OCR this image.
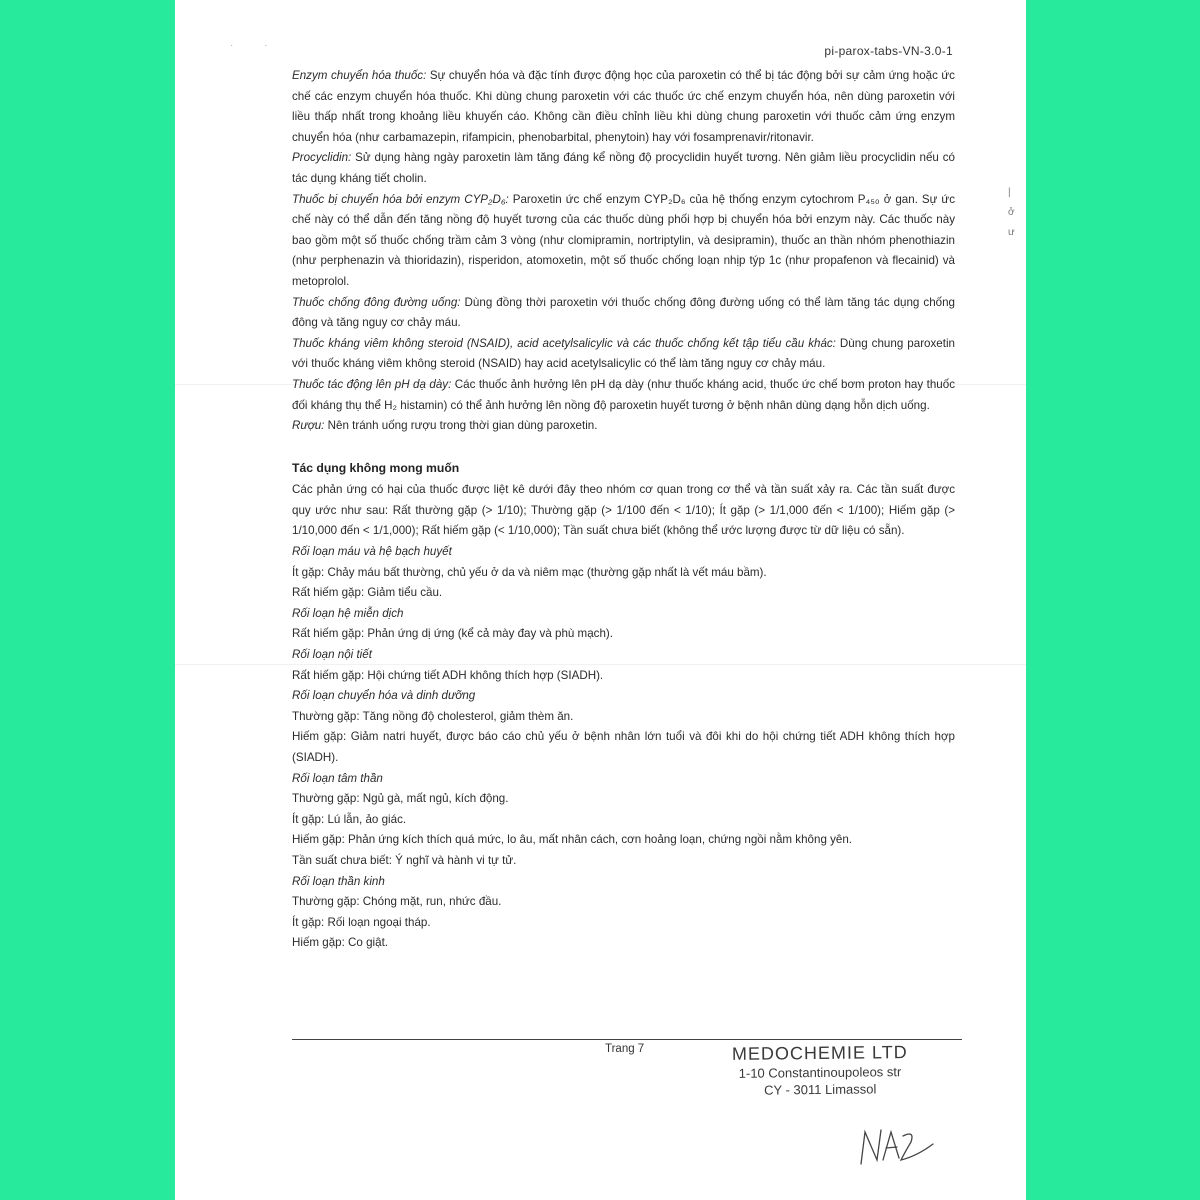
· ·	pi-parox-tabs-VN-3.0-1
|
ở
ư

Enzym chuyển hóa thuốc: Sự chuyển hóa và đặc tính được động học của paroxetin có thể bị tác động bởi sự cảm ứng hoặc ức chế các enzym chuyển hóa thuốc. Khi dùng chung paroxetin với các thuốc ức chế enzym chuyển hóa, nên dùng paroxetin với liều thấp nhất trong khoảng liều khuyến cáo. Không cần điều chỉnh liều khi dùng chung paroxetin với thuốc cảm ứng enzym chuyển hóa (như carbamazepin, rifampicin, phenobarbital, phenytoin) hay với fosamprenavir/ritonavir.

Procyclidin: Sử dụng hàng ngày paroxetin làm tăng đáng kể nồng độ procyclidin huyết tương. Nên giảm liều procyclidin nếu có tác dụng kháng tiết cholin.

Thuốc bị chuyển hóa bởi enzym CYP₂D₆: Paroxetin ức chế enzym CYP₂D₆ của hệ thống enzym cytochrom P₄₅₀ ở gan. Sự ức chế này có thể dẫn đến tăng nồng độ huyết tương của các thuốc dùng phối hợp bị chuyển hóa bởi enzym này. Các thuốc này bao gồm một số thuốc chống trầm cảm 3 vòng (như clomipramin, nortriptylin, và desipramin), thuốc an thần nhóm phenothiazin (như perphenazin và thioridazin), risperidon, atomoxetin, một số thuốc chống loạn nhịp týp 1c (như propafenon và flecainid) và metoprolol.

Thuốc chống đông đường uống: Dùng đồng thời paroxetin với thuốc chống đông đường uống có thể làm tăng tác dụng chống đông và tăng nguy cơ chảy máu.

Thuốc kháng viêm không steroid (NSAID), acid acetylsalicylic và các thuốc chống kết tập tiểu cầu khác: Dùng chung paroxetin với thuốc kháng viêm không steroid (NSAID) hay acid acetylsalicylic có thể làm tăng nguy cơ chảy máu.

Thuốc tác động lên pH dạ dày: Các thuốc ảnh hưởng lên pH dạ dày (như thuốc kháng acid, thuốc ức chế bơm proton hay thuốc đối kháng thụ thể H₂ histamin) có thể ảnh hưởng lên nồng độ paroxetin huyết tương ở bệnh nhân dùng dạng hỗn dịch uống.

Rượu: Nên tránh uống rượu trong thời gian dùng paroxetin.

Tác dụng không mong muốn

Các phản ứng có hại của thuốc được liệt kê dưới đây theo nhóm cơ quan trong cơ thể và tần suất xảy ra. Các tần suất được quy ước như sau: Rất thường gặp (> 1/10); Thường gặp (> 1/100 đến < 1/10); Ít gặp (> 1/1,000 đến < 1/100); Hiếm gặp (> 1/10,000 đến < 1/1,000); Rất hiếm gặp (< 1/10,000); Tần suất chưa biết (không thể ước lượng được từ dữ liệu có sẵn).

Rối loạn máu và hệ bạch huyết

Ít gặp: Chảy máu bất thường, chủ yếu ở da và niêm mạc (thường gặp nhất là vết máu bầm).

Rất hiếm gặp: Giảm tiểu cầu.

Rối loạn hệ miễn dịch

Rất hiếm gặp: Phản ứng dị ứng (kể cả mày đay và phù mạch).

Rối loạn nội tiết

Rất hiếm gặp: Hội chứng tiết ADH không thích hợp (SIADH).

Rối loạn chuyển hóa và dinh dưỡng

Thường gặp: Tăng nồng độ cholesterol, giảm thèm ăn.

Hiếm gặp: Giảm natri huyết, được báo cáo chủ yếu ở bệnh nhân lớn tuổi và đôi khi do hội chứng tiết ADH không thích hợp (SIADH).

Rối loạn tâm thần

Thường gặp: Ngủ gà, mất ngủ, kích động.

Ít gặp: Lú lẫn, ảo giác.

Hiếm gặp: Phản ứng kích thích quá mức, lo âu, mất nhân cách, cơn hoảng loạn, chứng ngồi nằm không yên.

Tần suất chưa biết: Ý nghĩ và hành vi tự tử.

Rối loạn thần kinh

Thường gặp: Chóng mặt, run, nhức đầu.

Ít gặp: Rối loạn ngoại tháp.

Hiếm gặp: Co giật.

Trang 7	MEDOCHEMIE LTD
1-10 Constantinoupoleos str
CY - 3011 Limassol
